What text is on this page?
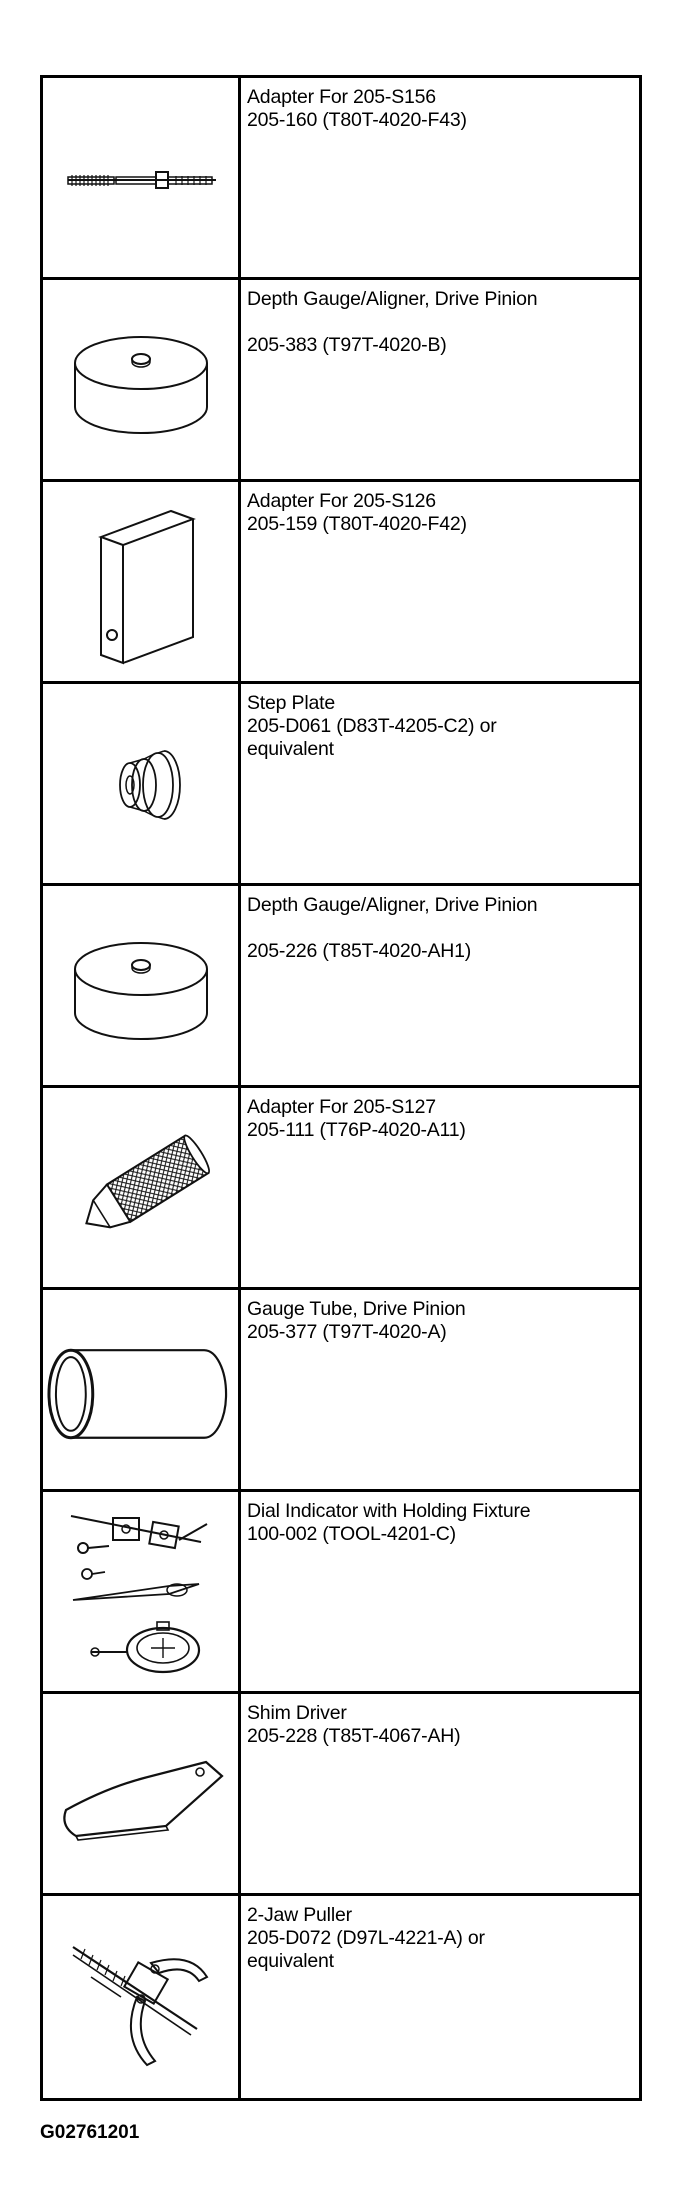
Adapter For 205-S156
205-160 (T80T-4020-F43)
Depth Gauge/Aligner, Drive Pinion
205-383 (T97T-4020-B)
Adapter For 205-S126
205-159 (T80T-4020-F42)
Step Plate
205-D061 (D83T-4205-C2) or
equivalent
Depth Gauge/Aligner, Drive Pinion
205-226 (T85T-4020-AH1)
Adapter For 205-S127
205-111 (T76P-4020-A11)
Gauge Tube, Drive Pinion
205-377 (T97T-4020-A)
Dial Indicator with Holding Fixture
100-002 (TOOL-4201-C)
Shim Driver
205-228 (T85T-4067-AH)
2-Jaw Puller
205-D072 (D97L-4221-A) or
equivalent
G02761201
